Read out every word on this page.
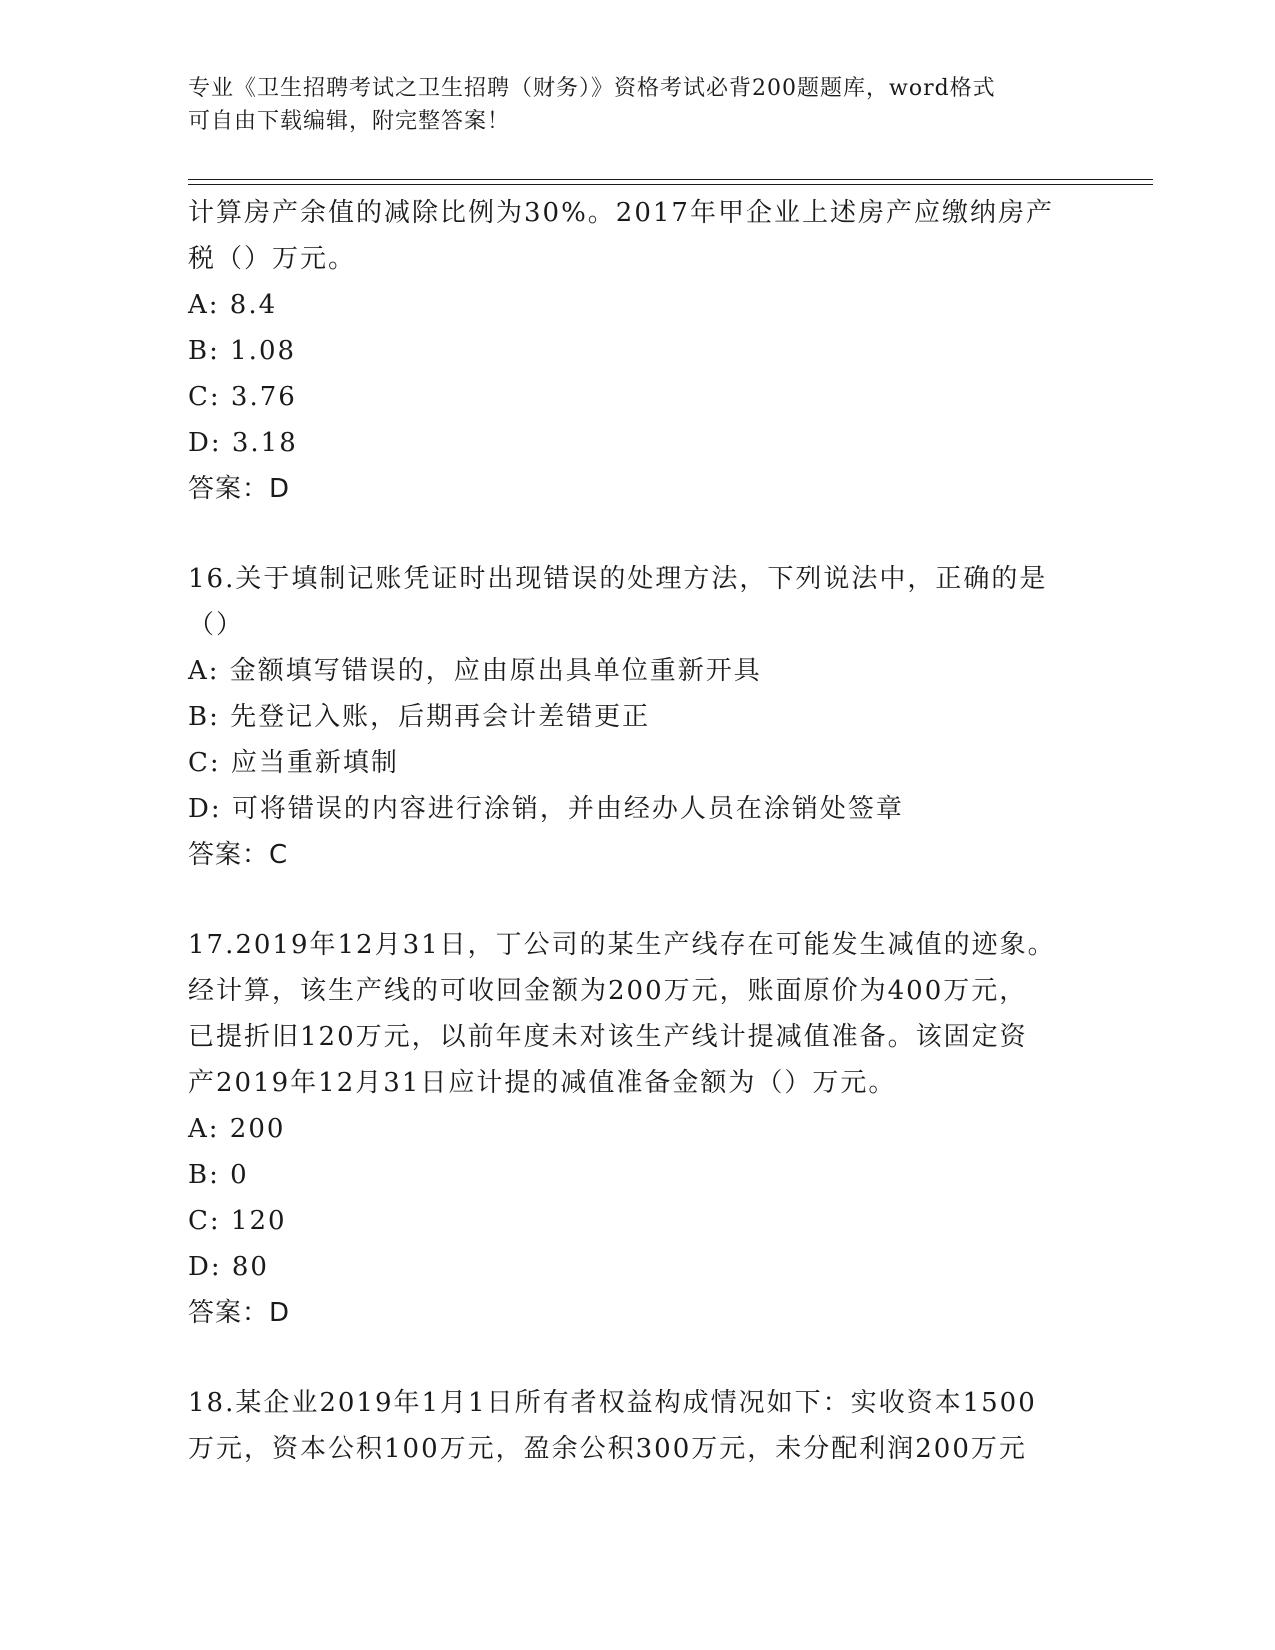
专业《卫生招聘考试之卫生招聘（财务）》资格考试必背200题题库，word格式

可自由下载编辑，附完整答案！

计算房产余值的减除比例为30%。2017年甲企业上述房产应缴纳房产
税（）万元。
A: 8.4
B: 1.08
C: 3.76
D: 3.18
答案：D
16.关于填制记账凭证时出现错误的处理方法，下列说法中，正确的是
（）
A: 金额填写错误的，应由原出具单位重新开具
B: 先登记入账，后期再会计差错更正
C: 应当重新填制
D: 可将错误的内容进行涂销，并由经办人员在涂销处签章
答案：C
17.2019年12月31日，丁公司的某生产线存在可能发生减值的迹象。
经计算，该生产线的可收回金额为200万元，账面原价为400万元，
已提折旧120万元，以前年度未对该生产线计提减值准备。该固定资
产2019年12月31日应计提的减值准备金额为（）万元。
A: 200
B: 0
C: 120
D: 80
答案：D
18.某企业2019年1月1日所有者权益构成情况如下：实收资本1500
万元，资本公积100万元，盈余公积300万元，未分配利润200万元
